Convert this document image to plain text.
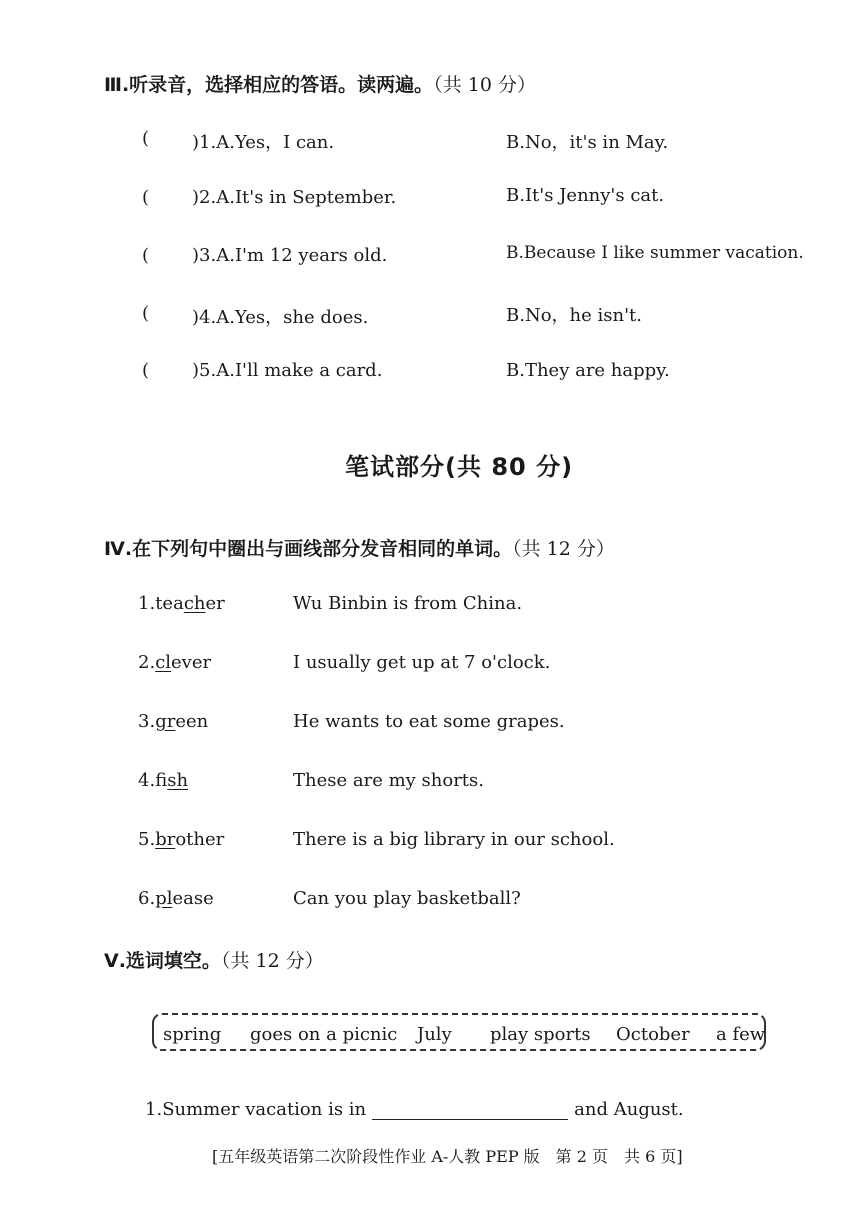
Ⅲ.听录音，选择相应的答语。读两遍。（共 10 分）
( )1.A.Yes，I can.	B.No，it's in May.
( )2.A.It's in September.	B.It's Jenny's cat.
( )3.A.I'm 12 years old.	B.Because I like summer vacation.
( )4.A.Yes，she does.	B.No，he isn't.
( )5.A.I'll make a card.	B.They are happy.
笔试部分(共 80 分)
Ⅳ.在下列句中圈出与画线部分发音相同的单词。（共 12 分）
1.teacher	Wu Binbin is from China.
2.clever	I usually get up at 7 o'clock.
3.green	He wants to eat some grapes.
4.fish	These are my shorts.
5.brother	There is a big library in our school.
6.please	Can you play basketball?
Ⅴ.选词填空。（共 12 分）
spring goes on a picnic July play sports October a few
1.Summer vacation is in	and August.
[五年级英语第二次阶段性作业 A-人教 PEP 版　第 2 页　共 6 页]
